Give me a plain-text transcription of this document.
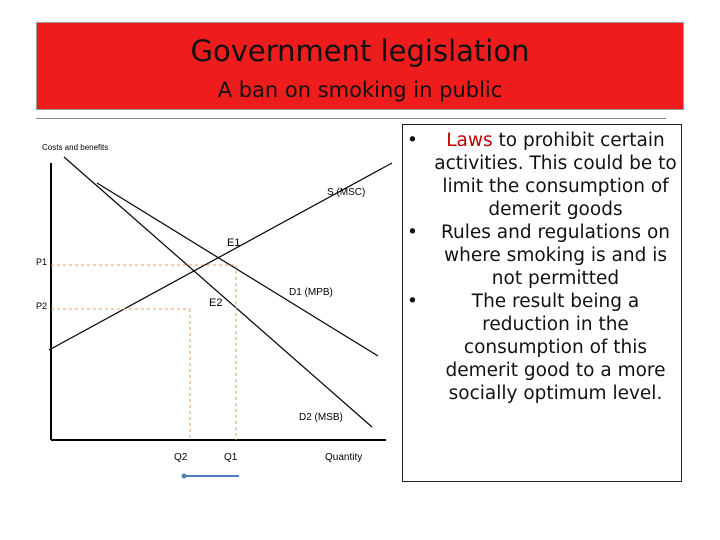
Government legislation
A ban on smoking in public
Costs and benefits
S (MSC)
E1
P1
D1 (MPB)
P2	E2
D2 (MSB)
Q2	Q1	Quantity
• Laws to prohibit certain activities. This could be to limit the consumption of demerit goods
• Rules and regulations on where smoking is and is not permitted
•	The result being a reduction in the consumption of this demerit good to a more socially optimum level.
